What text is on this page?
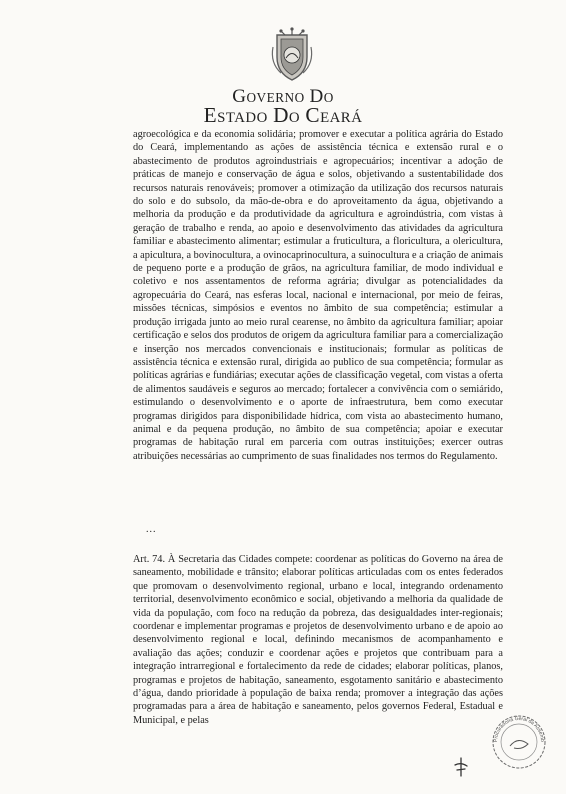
GOVERNO DO
ESTADO DO CEARÁ

agroecológica e da economia solidária; promover e executar a política agrária do Estado do Ceará, implementando as ações de assistência técnica e extensão rural e o abastecimento de produtos agroindustriais e agropecuários; incentivar a adoção de práticas de manejo e conservação de água e solos, objetivando a sustentabilidade dos recursos naturais renováveis; promover a otimização da utilização dos recursos naturais do solo e do subsolo, da mão-de-obra e do aproveitamento da água, objetivando a melhoria da produção e da produtividade da agricultura e agroindústria, com vistas à geração de trabalho e renda, ao apoio e desenvolvimento das atividades da agricultura familiar e abastecimento alimentar; estimular a fruticultura, a floricultura, a olericultura, a apicultura, a bovinocultura, a ovinocaprinocultura, a suinocultura e a criação de animais de pequeno porte e a produção de grãos, na agricultura familiar, de modo individual e coletivo e nos assentamentos de reforma agrária; divulgar as potencialidades da agropecuária do Ceará, nas esferas local, nacional e internacional, por meio de feiras, missões técnicas, simpósios e eventos no âmbito de sua competência; estimular a produção irrigada junto ao meio rural cearense, no âmbito da agricultura familiar; apoiar certificação e selos dos produtos de origem da agricultura familiar para a comercialização e inserção nos mercados convencionais e institucionais; formular as políticas de assistência técnica e extensão rural, dirigida ao publico de sua competência; formular as políticas agrárias e fundiárias; executar ações de classificação vegetal, com vistas a oferta de alimentos saudáveis e seguros ao mercado; fortalecer a convivência com o semiárido, estimulando o desenvolvimento e o aporte de infraestrutura, bem como executar programas dirigidos para disponibilidade hídrica, com vista ao abastecimento humano, animal e da pequena produção, no âmbito de sua competência; apoiar e executar programas de habitação rural em parceria com outras instituições; exercer outras atribuições necessárias ao cumprimento de suas finalidades nos termos do Regulamento.

...

Art. 74. À Secretaria das Cidades compete: coordenar as políticas do Governo na área de saneamento, mobilidade e trânsito; elaborar políticas articuladas com os entes federados que promovam o desenvolvimento regional, urbano e local, integrando ordenamento territorial, desenvolvimento econômico e social, objetivando a melhoria da qualidade de vida da população, com foco na redução da pobreza, das desigualdades inter-regionais; coordenar e implementar programas e projetos de desenvolvimento urbano e de apoio ao desenvolvimento regional e local, definindo mecanismos de acompanhamento e avaliação das ações; conduzir e coordenar ações e projetos que contribuam para a integração intrarregional e fortalecimento da rede de cidades; elaborar políticas, planos, programas e projetos de habitação, saneamento, esgotamento sanitário e abastecimento d’água, dando prioridade à população de baixa renda; promover a integração das ações programadas para a área de habitação e saneamento, pelos governos Federal, Estadual e Municipal, e pelas

Procuradoria Geral da Assemb
